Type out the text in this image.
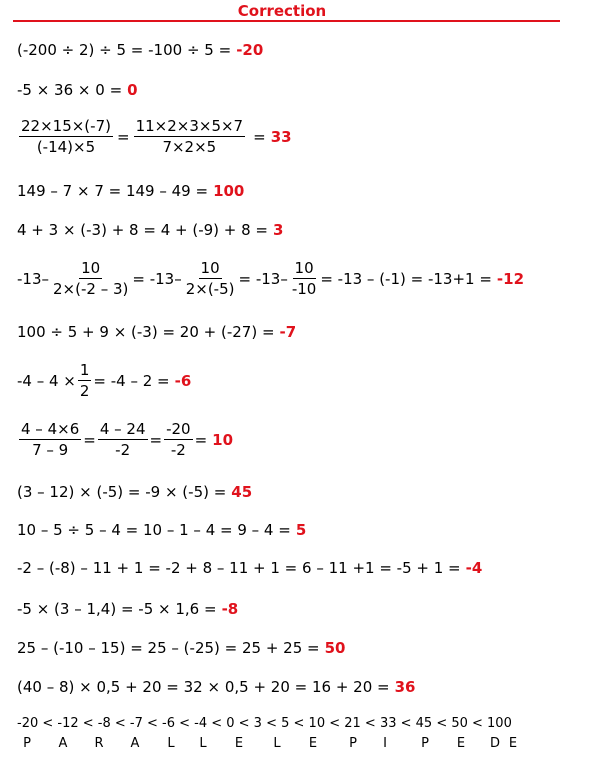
Correction
(-200 ÷ 2) ÷ 5 = -100 ÷ 5 = -20
-5 × 36 × 0 = 0
$\frac{22\times 15\times(-7)}{(-14)\times 5} = \frac{11\times 2\times 3\times 5\times 7}{7\times 2\times 5} = 33$
149 – 7 × 7 = 149 – 49 = 100
4 + 3 × (-3) + 8 = 4 + (-9) + 8 = 3
$-13- \frac{10}{2\times(-2 - 3)} = -13- \frac{10}{2\times(-5)} = -13- \frac{10}{-10} = -13 - (-1) = -13+1 = -12$
100 ÷ 5 + 9 × (-3) = 20 + (-27) = -7
$-4 - 4 \times \frac{1}{2} = -4 - 2 = -6$
$\frac{4 - 4\times 6}{7 - 9} = \frac{4 - 24}{-2} = \frac{-20}{-2} = 10$
(3 – 12) × (-5) = -9 × (-5) = 45
10 – 5 ÷ 5 – 4 = 10 – 1 – 4 = 9 – 4 = 5
-2 – (-8) – 11 + 1 = -2 + 8 – 11 + 1 = 6 – 11 +1 = -5 + 1 = -4
-5 × (3 – 1,4) = -5 × 1,6 = -8
25 – (-10 – 15) = 25 – (-25) = 25 + 25 = 50
(40 – 8) × 0,5 + 20 = 32 × 0,5 + 20 = 16 + 20 = 36
-20 < -12 < -8 < -7 < -6 < -4 < 0 < 3 < 5 < 10 < 21 < 33 < 45 < 50 < 100
P	A	R	A	L	L	E	L	E	P	I	P	E	D E
